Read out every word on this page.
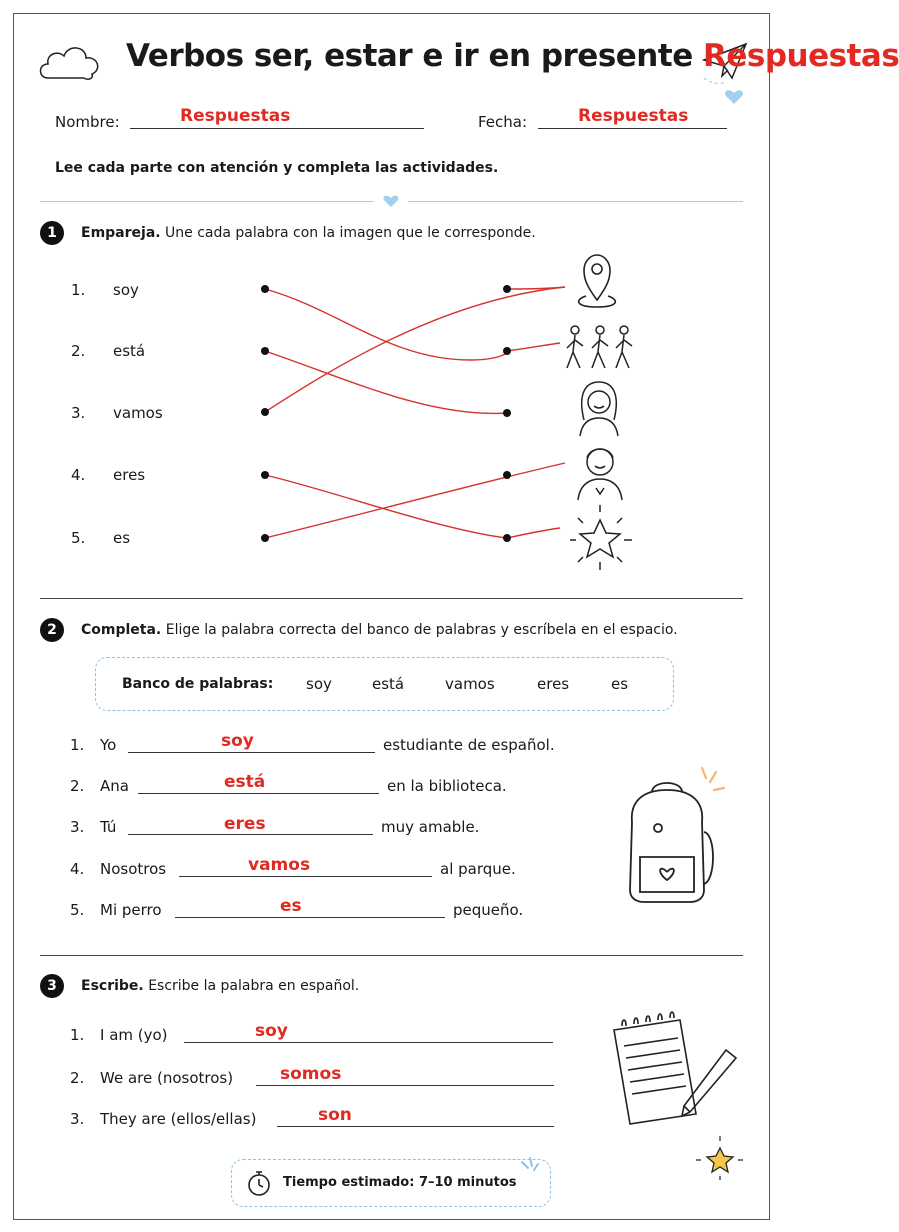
Verbos ser, estar e ir en presente Respuestas
Nombre:	Respuestas	Fecha:	Respuestas
Lee cada parte con atención y completa las actividades.
1	Empareja. Une cada palabra con la imagen que le corresponde.
1. soy
2. está
3. vamos
4. eres
5. es
2	Completa. Elige la palabra correcta del banco de palabras y escríbela en el espacio.
Banco de palabras: soy	está	vamos	eres	es
1. Yo	soy	estudiante de español.
2. Ana	está	en la biblioteca.
3. Tú	eres	muy amable.
4. Nosotros	vamos	al parque.
5. Mi perro	es	pequeño.
3	Escribe. Escribe la palabra en español.
1. I am (yo)	soy
2. We are (nosotros)	somos
3. They are (ellos/ellas)	son
Tiempo estimado: 7–10 minutos
